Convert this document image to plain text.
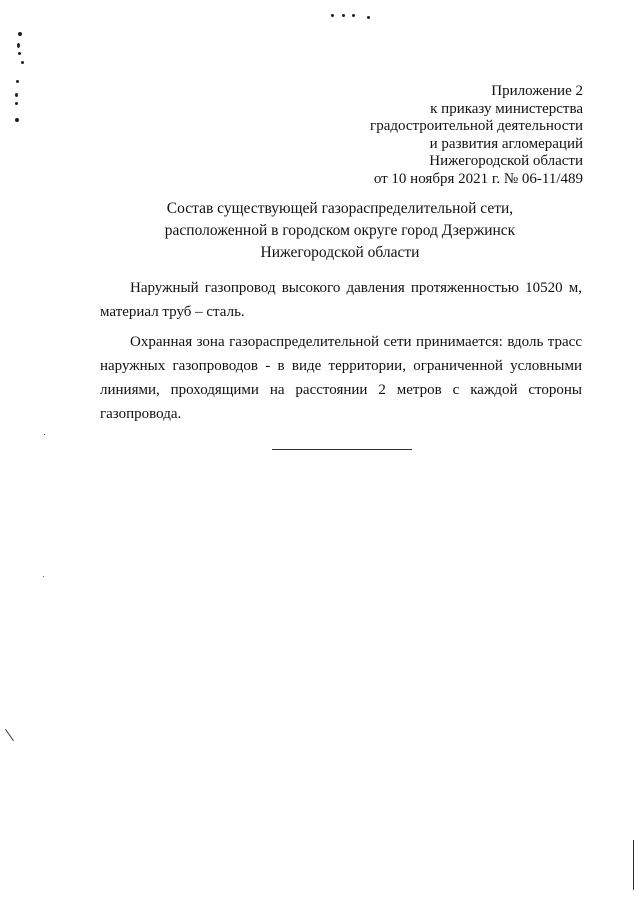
Приложение 2
к приказу министерства
градостроительной деятельности
и развития агломераций
Нижегородской области
от 10 ноября 2021 г. № 06-11/489
Состав существующей газораспределительной сети,
расположенной в городском округе город Дзержинск
Нижегородской области

Наружный газопровод высокого давления протяженностью 10520 м, материал труб – сталь.

Охранная зона газораспределительной сети принимается: вдоль трасс наружных газопроводов - в виде территории, ограниченной условными линиями, проходящими на расстоянии 2 метров с каждой стороны газопровода.
